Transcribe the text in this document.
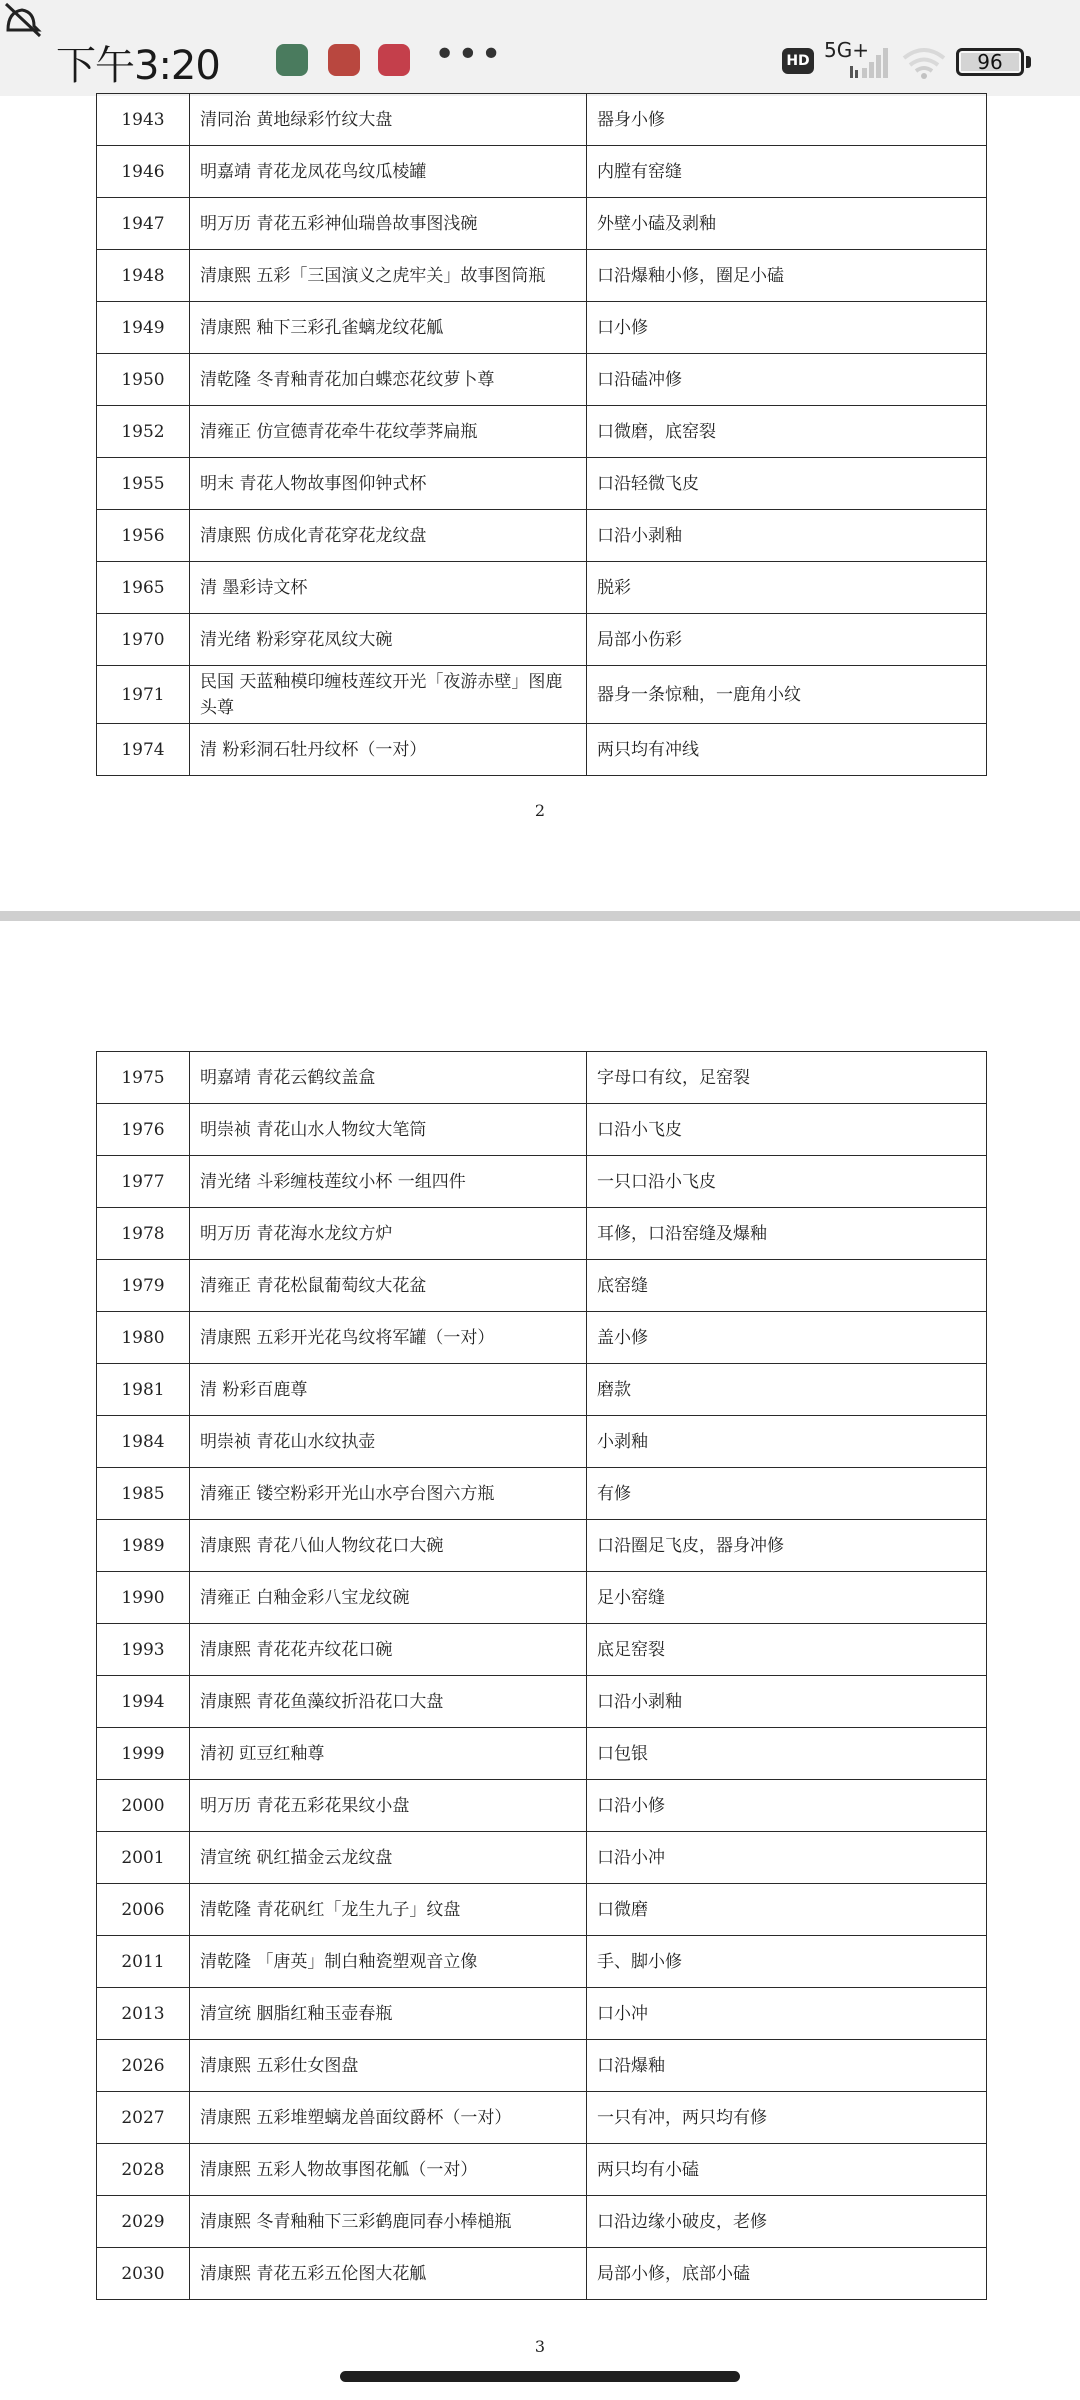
下午3:20	•••	HD 5G+	96
1943	清同治 黄地绿彩竹纹大盘	器身小修
1946	明嘉靖 青花龙凤花鸟纹瓜棱罐	内膛有窑缝
1947	明万历 青花五彩神仙瑞兽故事图浅碗	外壁小磕及剥釉
1948	清康熙 五彩「三国演义之虎牢关」故事图筒瓶	口沿爆釉小修，圈足小磕
1949	清康熙 釉下三彩孔雀螭龙纹花觚	口小修
1950	清乾隆 冬青釉青花加白蝶恋花纹萝卜尊	口沿磕冲修
1952	清雍正 仿宣德青花牵牛花纹荸荠扁瓶	口微磨，底窑裂
1955	明末 青花人物故事图仰钟式杯	口沿轻微飞皮
1956	清康熙 仿成化青花穿花龙纹盘	口沿小剥釉
1965	清 墨彩诗文杯	脱彩
1970	清光绪 粉彩穿花凤纹大碗	局部小伤彩
1971	民国 天蓝釉模印缠枝莲纹开光「夜游赤壁」图鹿头尊	器身一条惊釉，一鹿角小纹
1974	清 粉彩洞石牡丹纹杯（一对）	两只均有冲线
2
1975	明嘉靖 青花云鹤纹盖盒	字母口有纹，足窑裂
1976	明崇祯 青花山水人物纹大笔筒	口沿小飞皮
1977	清光绪 斗彩缠枝莲纹小杯 一组四件	一只口沿小飞皮
1978	明万历 青花海水龙纹方炉	耳修，口沿窑缝及爆釉
1979	清雍正 青花松鼠葡萄纹大花盆	底窑缝
1980	清康熙 五彩开光花鸟纹将军罐（一对）	盖小修
1981	清 粉彩百鹿尊	磨款
1984	明崇祯 青花山水纹执壶	小剥釉
1985	清雍正 镂空粉彩开光山水亭台图六方瓶	有修
1989	清康熙 青花八仙人物纹花口大碗	口沿圈足飞皮，器身冲修
1990	清雍正 白釉金彩八宝龙纹碗	足小窑缝
1993	清康熙 青花花卉纹花口碗	底足窑裂
1994	清康熙 青花鱼藻纹折沿花口大盘	口沿小剥釉
1999	清初 豇豆红釉尊	口包银
2000	明万历 青花五彩花果纹小盘	口沿小修
2001	清宣统 矾红描金云龙纹盘	口沿小冲
2006	清乾隆 青花矾红「龙生九子」纹盘	口微磨
2011	清乾隆 「唐英」制白釉瓷塑观音立像	手、脚小修
2013	清宣统 胭脂红釉玉壶春瓶	口小冲
2026	清康熙 五彩仕女图盘	口沿爆釉
2027	清康熙 五彩堆塑螭龙兽面纹爵杯（一对）	一只有冲，两只均有修
2028	清康熙 五彩人物故事图花觚（一对）	两只均有小磕
2029	清康熙 冬青釉釉下三彩鹤鹿同春小棒槌瓶	口沿边缘小破皮，老修
2030	清康熙 青花五彩五伦图大花觚	局部小修，底部小磕
3
